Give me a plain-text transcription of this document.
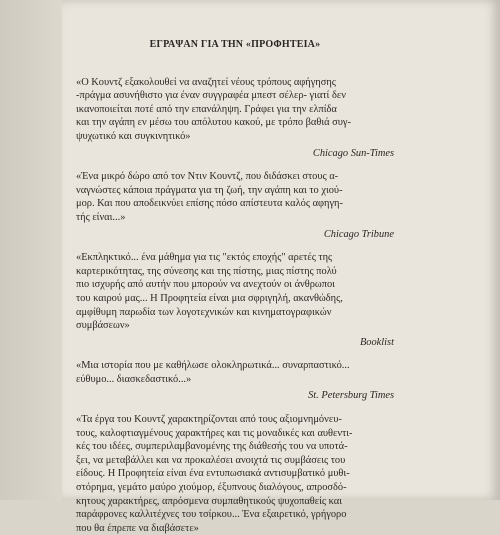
ΕΓΡΑΨΑΝ ΓΙΑ ΤΗΝ «ΠΡΟΦΗΤΕΙΑ»
«Ο Κουντζ εξακολουθεί να αναζητεί νέους τρόπους αφήγησης
-πράγμα ασυνήθιστο για έναν συγγραφέα μπεστ σέλερ- γιατί δεν
ικανοποιείται ποτέ από την επανάληψη. Γράφει για την ελπίδα
και την αγάπη εν μέσω του απόλυτου κακού, με τρόπο βαθιά συγ-
ψυχωτικό και συγκινητικό»
Chicago Sun-Times
«Ένα μικρό δώρο από τον Ντιν Κουντζ, που διδάσκει στους α-
ναγνώστες κάποια πράγματα για τη ζωή, την αγάπη και το χιού-
μορ. Και που αποδεικνύει επίσης πόσο απίστευτα καλός αφηγη-
τής είναι...»
Chicago Tribune
«Εκπληκτικό... ένα μάθημα για τις "εκτός εποχής" αρετές της
καρτερικότητας, της σύνεσης και της πίστης, μιας πίστης πολύ
πιο ισχυρής από αυτήν που μπορούν να ανεχτούν οι άνθρωποι
του καιρού μας... Η Προφητεία είναι μια σφριγηλή, ακανθώδης,
αμφίθυμη παρωδία των λογοτεχνικών και κινηματογραφικών
συμβάσεων»
Booklist
«Μια ιστορία που με καθήλωσε ολοκληρωτικά... συναρπαστικό...
εύθυμο... διασκεδαστικό...»
St. Petersburg Times
«Τα έργα του Κουντζ χαρακτηρίζονται από τους αξιομνημόνευ-
τους, καλοφτιαγμένους χαρακτήρες και τις μοναδικές και αυθεντι-
κές του ιδέες, συμπεριλαμβανομένης της διάθεσής του να υποτά-
ξει, να μεταβάλλει και να προκαλέσει ανοιχτά τις συμβάσεις του
είδους. Η Προφητεία είναι ένα εντυπωσιακά αντισυμβατικό μυθι-
στόρημα, γεμάτο μαύρο χιούμορ, έξυπνους διαλόγους, απροσδό-
κητους χαρακτήρες, απρόσμενα συμπαθητικούς ψυχοπαθείς και
παράφρονες καλλιτέχνες του τσίρκου... Ένα εξαιρετικό, γρήγορο
που θα έπρεπε να διαβάσετε»
